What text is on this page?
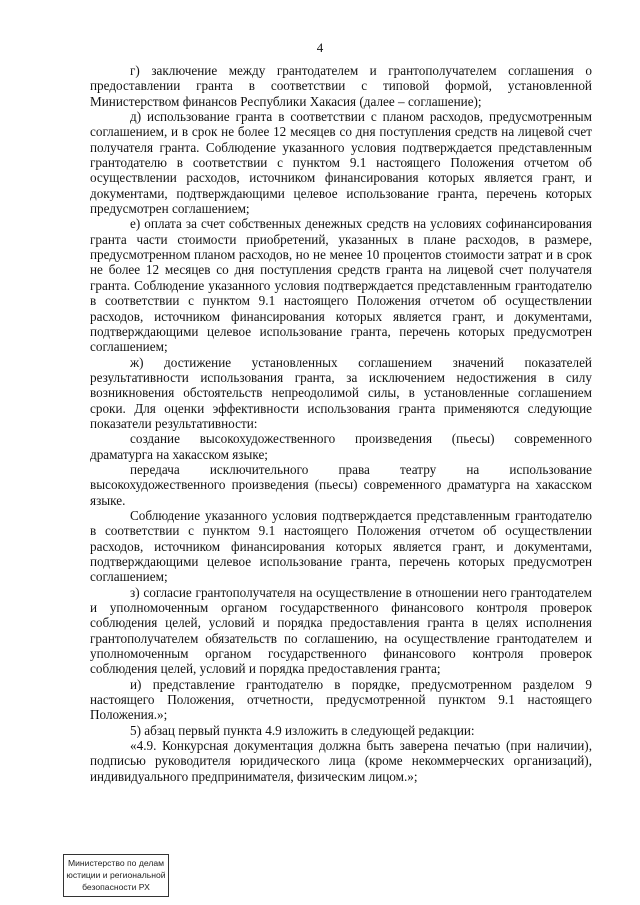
4

г) заключение между грантодателем и грантополучателем соглашения о предоставлении гранта в соответствии с типовой формой, установленной Министерством финансов Республики Хакасия (далее – соглашение);

д) использование гранта в соответствии с планом расходов, предусмотренным соглашением, и в срок не более 12 месяцев со дня поступления средств на лицевой счет получателя гранта. Соблюдение указанного условия подтверждается представленным грантодателю в соответствии с пунктом 9.1 настоящего Положения отчетом об осуществлении расходов, источником финансирования которых является грант, и документами, подтверждающими целевое использование гранта, перечень которых предусмотрен соглашением;

е) оплата за счет собственных денежных средств на условиях софинансирования гранта части стоимости приобретений, указанных в плане расходов, в размере, предусмотренном планом расходов, но не менее 10 процентов стоимости затрат и в срок не более 12 месяцев со дня поступления средств гранта на лицевой счет получателя гранта. Соблюдение указанного условия подтверждается представленным грантодателю в соответствии с пунктом 9.1 настоящего Положения отчетом об осуществлении расходов, источником финансирования которых является грант, и документами, подтверждающими целевое использование гранта, перечень которых предусмотрен соглашением;

ж) достижение установленных соглашением значений показателей результативности использования гранта, за исключением недостижения в силу возникновения обстоятельств непреодолимой силы, в установленные соглашением сроки. Для оценки эффективности использования гранта применяются следующие показатели результативности:

создание высокохудожественного произведения (пьесы) современного драматурга на хакасском языке;

передача исключительного права театру на использование высокохудожественного произведения (пьесы) современного драматурга на хакасском языке.

Соблюдение указанного условия подтверждается представленным грантодателю в соответствии с пунктом 9.1 настоящего Положения отчетом об осуществлении расходов, источником финансирования которых является грант, и документами, подтверждающими целевое использование гранта, перечень которых предусмотрен соглашением;

з) согласие грантополучателя на осуществление в отношении него грантодателем и уполномоченным органом государственного финансового контроля проверок соблюдения целей, условий и порядка предоставления гранта в целях исполнения грантополучателем обязательств по соглашению, на осуществление грантодателем и уполномоченным органом государственного финансового контроля проверок соблюдения целей, условий и порядка предоставления гранта;

и) представление грантодателю в порядке, предусмотренном разделом 9 настоящего Положения, отчетности, предусмотренной пунктом 9.1 настоящего Положения.»;

5) абзац первый пункта 4.9 изложить в следующей редакции:

«4.9. Конкурсная документация должна быть заверена печатью (при наличии), подписью руководителя юридического лица (кроме некоммерческих организаций), индивидуального предпринимателя, физическим лицом.»;

Министерство по делам
юстиции и региональной
безопасности РХ
